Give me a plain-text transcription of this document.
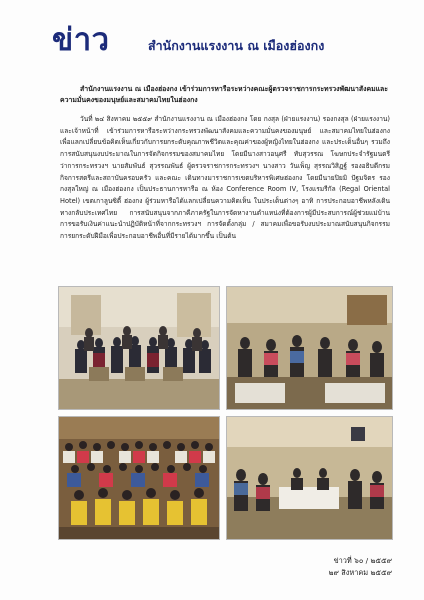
ข่าว	สำนักงานแรงงาน ณ เมืองฮ่องกง
สำนักงานแรงงาน ณ เมืองฮ่องกง เข้าร่วมการหารือระหว่างคณะผู้ตรวจราชการกระทรวงพัฒนาสังคมและความมั่นคงของมนุษย์และสมาคมไทยในฮ่องกง
วันที่ ๒๔ สิงหาคม ๒๕๕๙ สำนักงานแรงงาน ณ เมืองฮ่องกง โดย กงสุล (ฝ่ายแรงงาน) รองกงสุล (ฝ่ายแรงงาน) และเจ้าหน้าที่ เข้าร่วมการหารือระหว่างกระทรวงพัฒนาสังคมและความมั่นคงของมนุษย์ และสมาคมไทยในฮ่องกง เพื่อแลกเปลี่ยนข้อคิดเห็นเกี่ยวกับการยกระดับคุณภาพชีวิตและคุณค่าของผู้หญิงไทยในฮ่องกง และประเด็นอื่นๆ รวมถึงการสนับสนุนงบประมาณในการจัดกิจกรรมของสมาคมไทย โดยมีนางสาวอนุศรี ทับสุวรรณ โฆษกประจำรัฐมนตรีว่าการกระทรวงฯ นายสัมพันธ์ สุวรรณพันธ์ ผู้ตรวจราชการกระทรวงฯ นางสาว วันเพ็ญ สุรรณวิสิฏฐ์ รองอธิบดีกรมกิจการสตรีและสถาบันครอบครัว และคณะ เดินทางมาราชการเขตบริหารพิเศษฮ่องกง โดยมีนายปิยมิ ปัฐมจิตร รองกงสุลใหญ่ ณ เมืองฮ่องกง เป็นประธานการหารือ ณ ห้อง Conference Room IV, โรงแรมรีกัล (Regal Oriental Hotel) เขตเกาลูนซิตี้ ฮ่องกง ผู้ร่วมหารือได้แลกเปลี่ยนความคิดเห็น ในประเด็นต่างๆ อาทิ การประกอบอาชีพหลังเดินทางกลับประเทศไทย การสนับสนุนจากภาคีภาครัฐในการจัดหางานตำแหน่งที่ต้องการผู้มีประสบการณ์ผู้ช่วยแม่บ้าน การขอรับเงินค่าแนะนำปฏิบัติหน้าที่จากกระทรวงฯ การจัดตั้งกลุ่ม / สมาคมเพื่อขอรับงบประมาณสนับสนุนกิจกรรม การยกระดับฝีมือเพื่อประกอบอาชีพอื่นที่มีรายได้มากขึ้น เป็นต้น
ข่าวที่ ๖๐ / ๒๕๕๙
๒๙ สิงหาคม ๒๕๕๙
